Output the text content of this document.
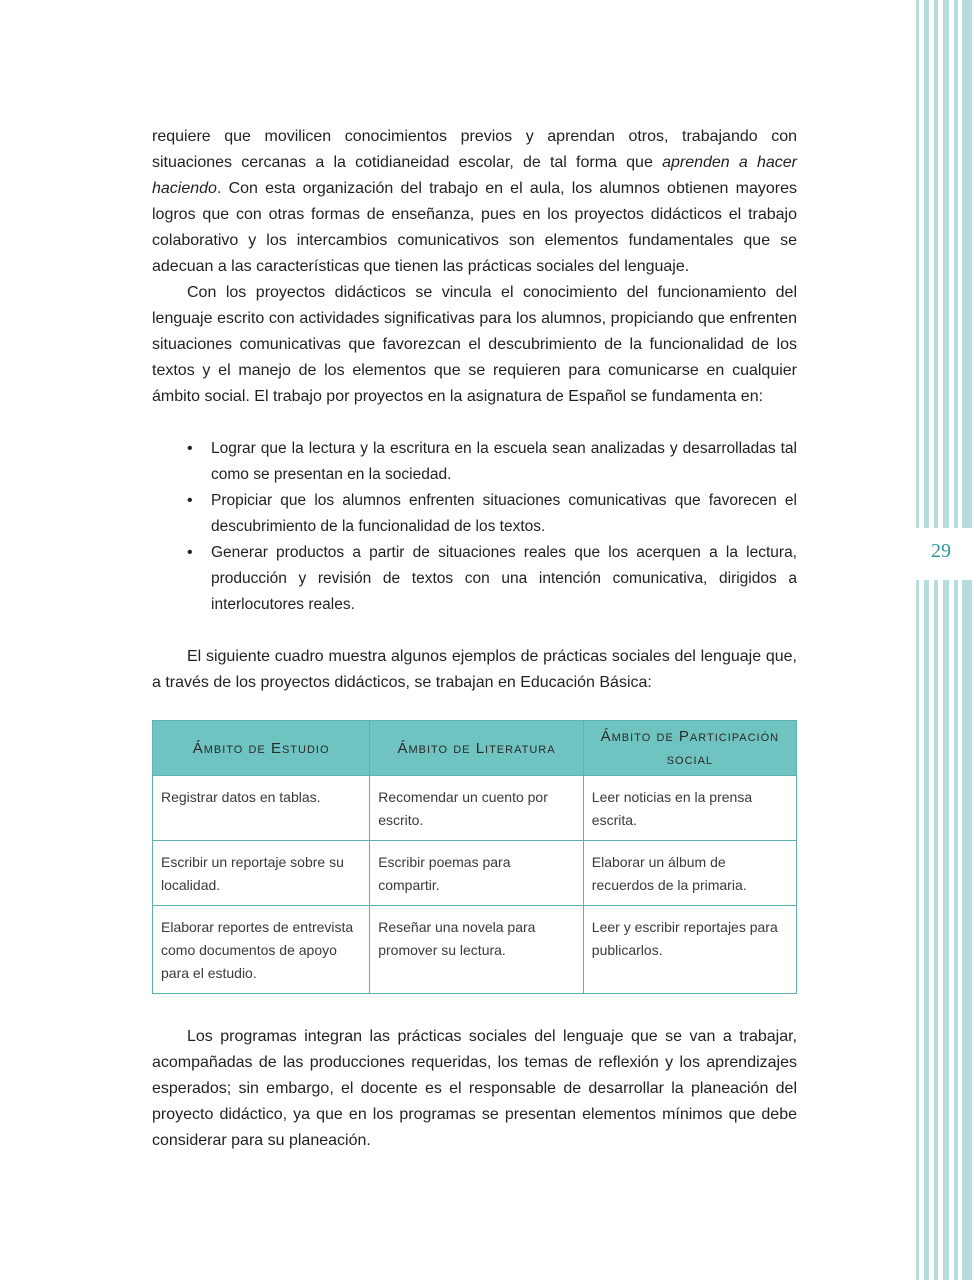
29

requiere que movilicen conocimientos previos y aprendan otros, trabajando con situaciones cercanas a la cotidianeidad escolar, de tal forma que aprenden a hacer haciendo. Con esta organización del trabajo en el aula, los alumnos obtienen mayores logros que con otras formas de enseñanza, pues en los proyectos didácticos el trabajo colaborativo y los intercambios comunicativos son elementos fundamentales que se adecuan a las características que tienen las prácticas sociales del lenguaje.

Con los proyectos didácticos se vincula el conocimiento del funcionamiento del lenguaje escrito con actividades significativas para los alumnos, propiciando que enfrenten situaciones comunicativas que favorezcan el descubrimiento de la funcionalidad de los textos y el manejo de los elementos que se requieren para comunicarse en cualquier ámbito social. El trabajo por proyectos en la asignatura de Español se fundamenta en:

• Lograr que la lectura y la escritura en la escuela sean analizadas y desarrolladas tal como se presentan en la sociedad.
• Propiciar que los alumnos enfrenten situaciones comunicativas que favorecen el descubrimiento de la funcionalidad de los textos.
• Generar productos a partir de situaciones reales que los acerquen a la lectura, producción y revisión de textos con una intención comunicativa, dirigidos a interlocutores reales.

El siguiente cuadro muestra algunos ejemplos de prácticas sociales del lenguaje que, a través de los proyectos didácticos, se trabajan en Educación Básica:

Ámbito de Estudio	Ámbito de Literatura	Ámbito de Participación social
Registrar datos en tablas.	Recomendar un cuento por escrito.	Leer noticias en la prensa escrita.
Escribir un reportaje sobre su localidad.	Escribir poemas para compartir.	Elaborar un álbum de recuerdos de la primaria.
Elaborar reportes de entrevista como documentos de apoyo para el estudio.	Reseñar una novela para promover su lectura.	Leer y escribir reportajes para publicarlos.

Los programas integran las prácticas sociales del lenguaje que se van a trabajar, acompañadas de las producciones requeridas, los temas de reflexión y los aprendizajes esperados; sin embargo, el docente es el responsable de desarrollar la planeación del proyecto didáctico, ya que en los programas se presentan elementos mínimos que debe considerar para su planeación.
